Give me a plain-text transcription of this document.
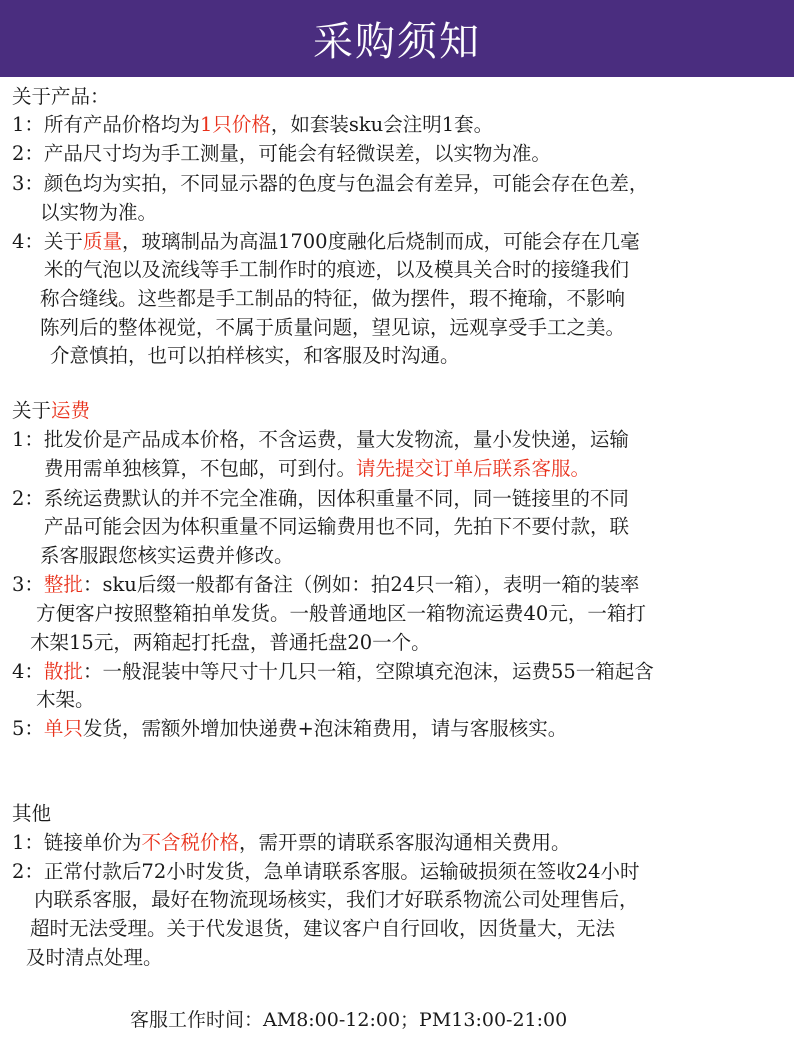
采购须知
关于产品：
1：所有产品价格均为1只价格，如套装sku会注明1套。
2：产品尺寸均为手工测量，可能会有轻微误差，以实物为准。
3：颜色均为实拍，不同显示器的色度与色温会有差异，可能会存在色差，
以实物为准。
4：关于质量，玻璃制品为高温1700度融化后烧制而成，可能会存在几毫
米的气泡以及流线等手工制作时的痕迹，以及模具关合时的接缝我们
称合缝线。这些都是手工制品的特征，做为摆件，瑕不掩瑜，不影响
陈列后的整体视觉，不属于质量问题，望见谅，远观享受手工之美。
介意慎拍，也可以拍样核实，和客服及时沟通。
关于运费
1：批发价是产品成本价格，不含运费，量大发物流，量小发快递，运输
费用需单独核算，不包邮，可到付。请先提交订单后联系客服。
2：系统运费默认的并不完全准确，因体积重量不同，同一链接里的不同
产品可能会因为体积重量不同运输费用也不同，先拍下不要付款，联
系客服跟您核实运费并修改。
3：整批：sku后缀一般都有备注（例如：拍24只一箱），表明一箱的装率
方便客户按照整箱拍单发货。一般普通地区一箱物流运费40元，一箱打
木架15元，两箱起打托盘，普通托盘20一个。
4：散批：一般混装中等尺寸十几只一箱，空隙填充泡沫，运费55一箱起含
木架。
5：单只发货，需额外增加快递费+泡沫箱费用，请与客服核实。
其他
1：链接单价为不含税价格，需开票的请联系客服沟通相关费用。
2：正常付款后72小时发货，急单请联系客服。运输破损须在签收24小时
内联系客服，最好在物流现场核实，我们才好联系物流公司处理售后，
超时无法受理。关于代发退货，建议客户自行回收，因货量大，无法
及时清点处理。
客服工作时间：AM8:00-12:00；PM13:00-21:00
